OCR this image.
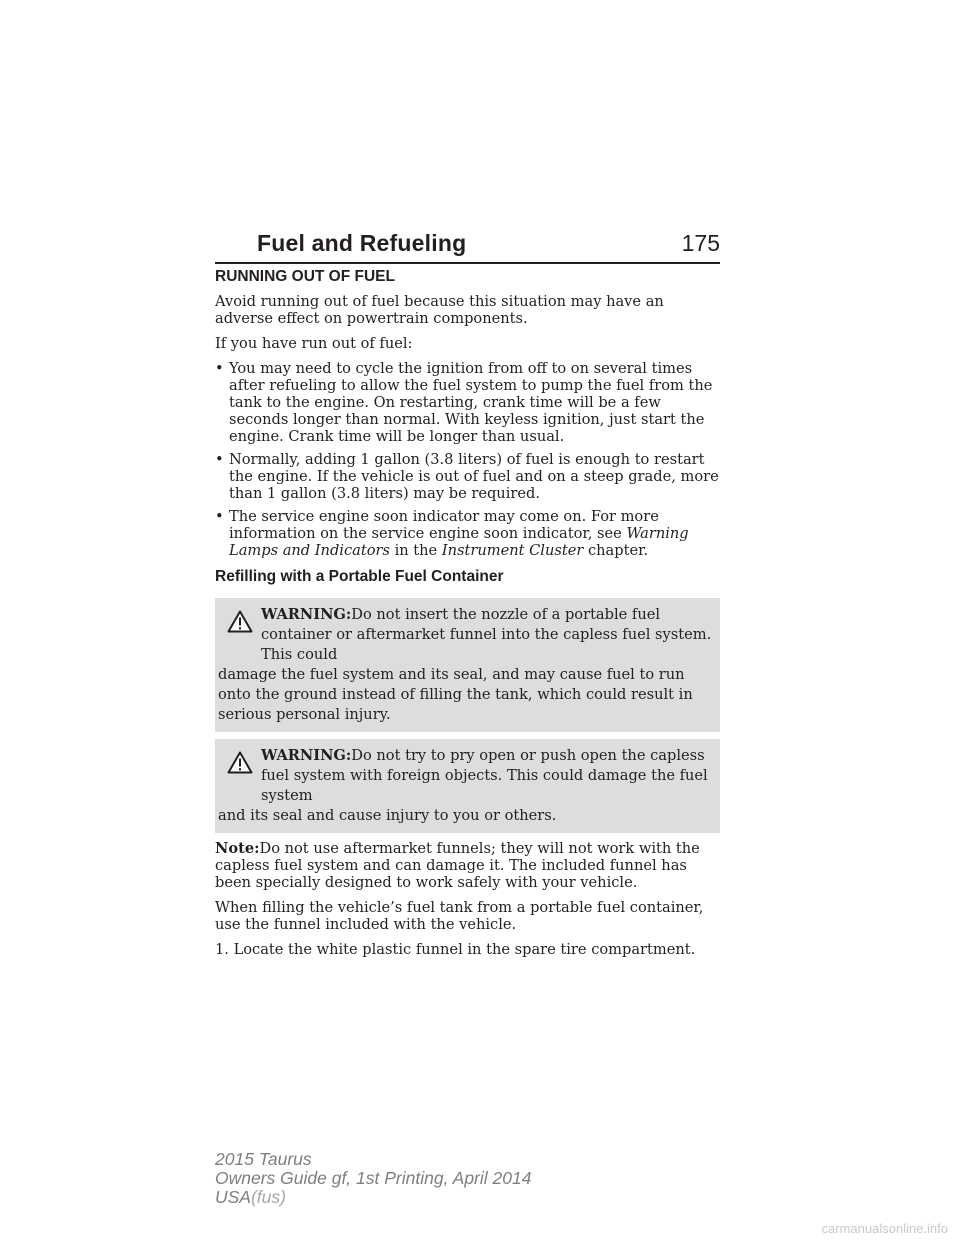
Fuel and Refueling	175
RUNNING OUT OF FUEL

Avoid running out of fuel because this situation may have an adverse effect on powertrain components.

If you have run out of fuel:

• You may need to cycle the ignition from off to on several times after refueling to allow the fuel system to pump the fuel from the tank to the engine. On restarting, crank time will be a few seconds longer than normal. With keyless ignition, just start the engine. Crank time will be longer than usual.
• Normally, adding 1 gallon (3.8 liters) of fuel is enough to restart the engine. If the vehicle is out of fuel and on a steep grade, more than 1 gallon (3.8 liters) may be required.
• The service engine soon indicator may come on. For more information on the service engine soon indicator, see Warning Lamps and Indicators in the Instrument Cluster chapter.
Refilling with a Portable Fuel Container
WARNING:Do not insert the nozzle of a portable fuel container or aftermarket funnel into the capless fuel system. This could
damage the fuel system and its seal, and may cause fuel to run onto the ground instead of filling the tank, which could result in serious personal injury.
WARNING:Do not try to pry open or push open the capless fuel system with foreign objects. This could damage the fuel system
and its seal and cause injury to you or others.

Note:Do not use aftermarket funnels; they will not work with the capless fuel system and can damage it. The included funnel has been specially designed to work safely with your vehicle.

When filling the vehicle’s fuel tank from a portable fuel container, use the funnel included with the vehicle.

1. Locate the white plastic funnel in the spare tire compartment.

2015 Taurus
Owners Guide gf, 1st Printing, April 2014
USA(fus)
carmanualsonline.info
